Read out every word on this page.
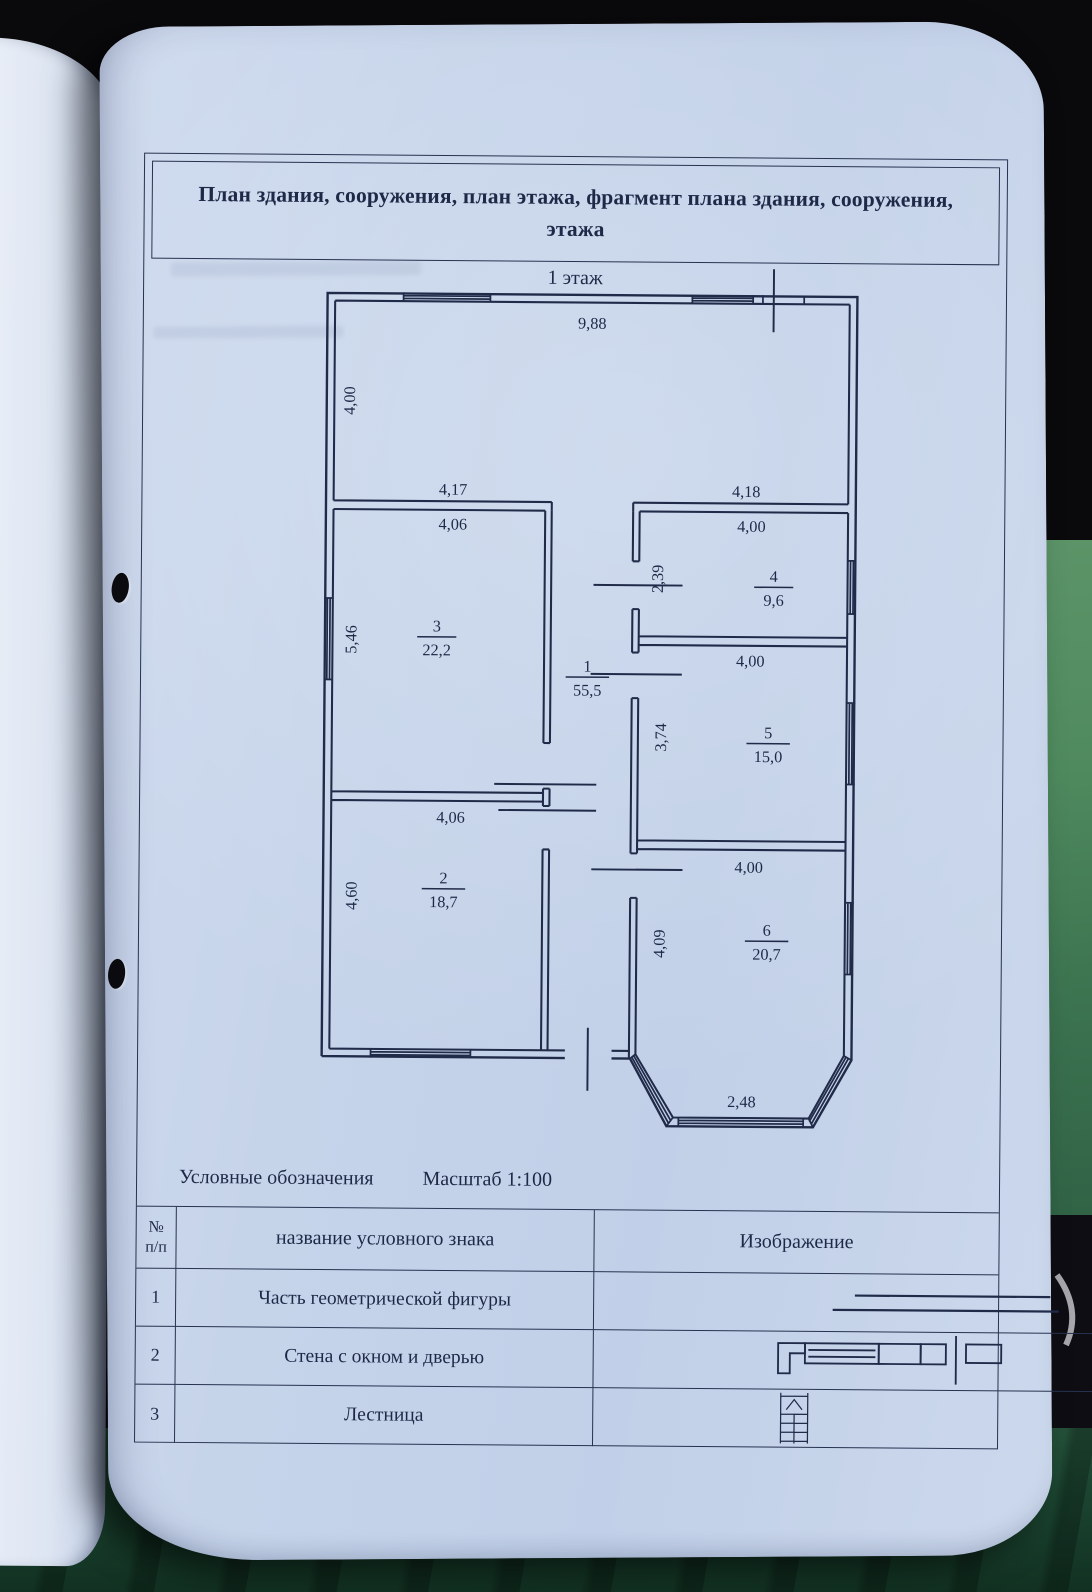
План здания, сооружения, план этажа, фрагмент плана здания, сооружения,
этажа
1 этаж
9,88
4,00
4,17	4,18
4,06
5,46
4,00
2,39
4,00
3,74
4,06
4,60
4,00
4,09
2,48
1
55,5
3
22,2
4
9,6
5
15,0
2
18,7
6
20,7
Условные обозначения Масштаб 1:100
№
п/п	название условного знака	Изображение
1	Часть геометрической фигуры
2	Стена с окном и дверью
3	Лестница
